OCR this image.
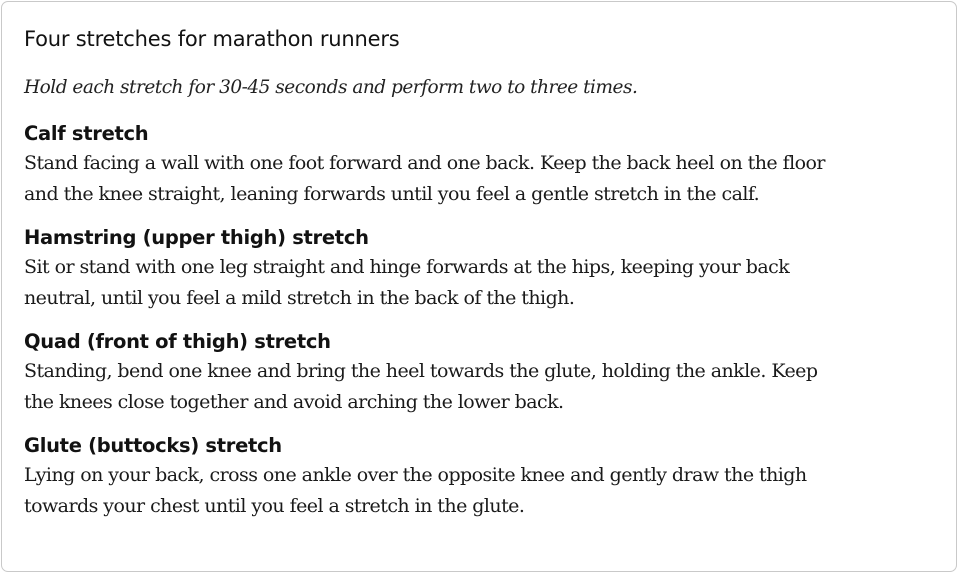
Four stretches for marathon runners

Hold each stretch for 30-45 seconds and perform two to three times.

Calf stretch

Stand facing a wall with one foot forward and one back. Keep the back heel on the floor
and the knee straight, leaning forwards until you feel a gentle stretch in the calf.

Hamstring (upper thigh) stretch

Sit or stand with one leg straight and hinge forwards at the hips, keeping your back
neutral, until you feel a mild stretch in the back of the thigh.

Quad (front of thigh) stretch

Standing, bend one knee and bring the heel towards the glute, holding the ankle. Keep
the knees close together and avoid arching the lower back.

Glute (buttocks) stretch

Lying on your back, cross one ankle over the opposite knee and gently draw the thigh
towards your chest until you feel a stretch in the glute.
